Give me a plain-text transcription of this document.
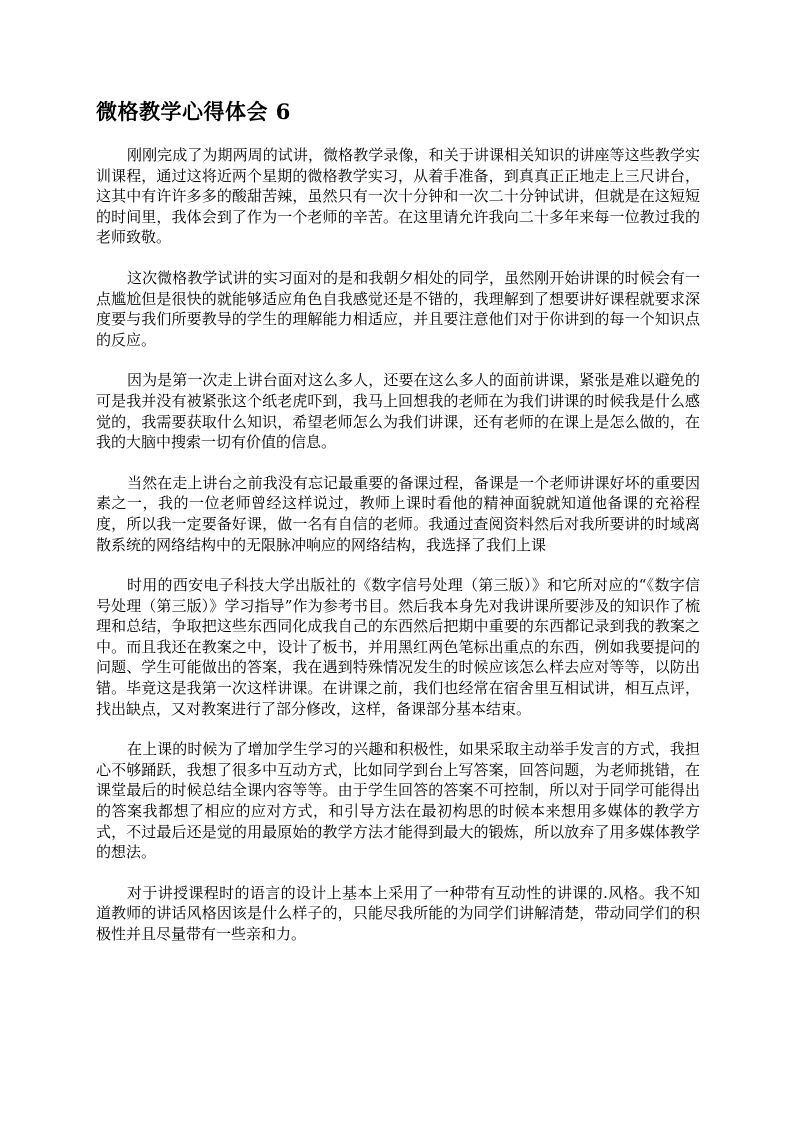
微格教学心得体会 6

刚刚完成了为期两周的试讲，微格教学录像，和关于讲课相关知识的讲座等这些教学实训课程，通过这将近两个星期的微格教学实习，从着手准备，到真真正正地走上三尺讲台，这其中有许许多多的酸甜苦辣，虽然只有一次十分钟和一次二十分钟试讲，但就是在这短短的时间里，我体会到了作为一个老师的辛苦。在这里请允许我向二十多年来每一位教过我的老师致敬。

这次微格教学试讲的实习面对的是和我朝夕相处的同学，虽然刚开始讲课的时候会有一点尴尬但是很快的就能够适应角色自我感觉还是不错的，我理解到了想要讲好课程就要求深度要与我们所要教导的学生的理解能力相适应，并且要注意他们对于你讲到的每一个知识点的反应。

因为是第一次走上讲台面对这么多人，还要在这么多人的面前讲课，紧张是难以避免的可是我并没有被紧张这个纸老虎吓到，我马上回想我的老师在为我们讲课的时候我是什么感觉的，我需要获取什么知识，希望老师怎么为我们讲课，还有老师的在课上是怎么做的，在我的大脑中搜索一切有价值的信息。

当然在走上讲台之前我没有忘记最重要的备课过程，备课是一个老师讲课好坏的重要因素之一，我的一位老师曾经这样说过，教师上课时看他的精神面貌就知道他备课的充裕程度，所以我一定要备好课，做一名有自信的老师。我通过查阅资料然后对我所要讲的时域离散系统的网络结构中的无限脉冲响应的网络结构，我选择了我们上课

时用的西安电子科技大学出版社的《数字信号处理（第三版）》和它所对应的“《数字信号处理（第三版）》学习指导”作为参考书目。然后我本身先对我讲课所要涉及的知识作了梳理和总结，争取把这些东西同化成我自己的东西然后把期中重要的东西都记录到我的教案之中。而且我还在教案之中，设计了板书，并用黑红两色笔标出重点的东西，例如我要提问的问题、学生可能做出的答案，我在遇到特殊情况发生的时候应该怎么样去应对等等，以防出错。毕竟这是我第一次这样讲课。在讲课之前，我们也经常在宿舍里互相试讲，相互点评，找出缺点，又对教案进行了部分修改，这样，备课部分基本结束。

在上课的时候为了增加学生学习的兴趣和积极性，如果采取主动举手发言的方式，我担心不够踊跃，我想了很多中互动方式，比如同学到台上写答案，回答问题，为老师挑错，在课堂最后的时候总结全课内容等等。由于学生回答的答案不可控制，所以对于同学可能得出的答案我都想了相应的应对方式，和引导方法在最初构思的时候本来想用多媒体的教学方式，不过最后还是觉的用最原始的教学方法才能得到最大的锻炼，所以放弃了用多媒体教学的想法。

对于讲授课程时的语言的设计上基本上采用了一种带有互动性的讲课的.风格。我不知道教师的讲话风格因该是什么样子的，只能尽我所能的为同学们讲解清楚，带动同学们的积极性并且尽量带有一些亲和力。
